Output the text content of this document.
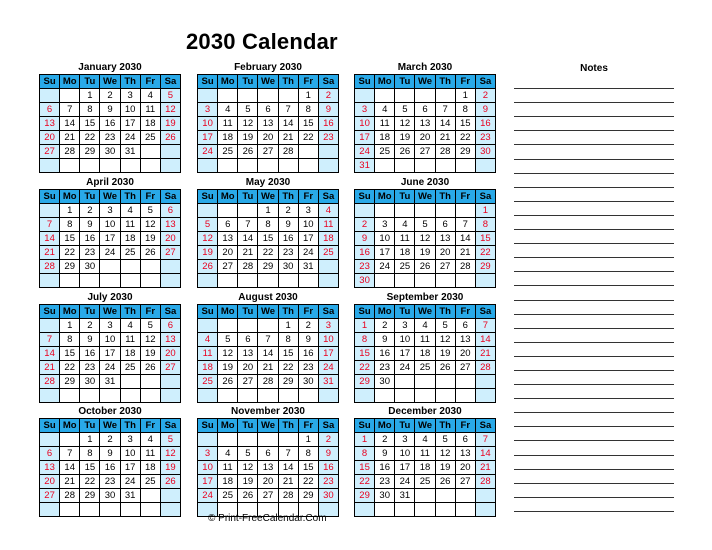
2030 Calendar
January 2030
Su	Mo	Tu	We	Th	Fr	Sa
		1	2	3	4	5
6	7	8	9	10	11	12
13	14	15	16	17	18	19
20	21	22	23	24	25	26
27	28	29	30	31		

February 2030
Su	Mo	Tu	We	Th	Fr	Sa
					1	2
3	4	5	6	7	8	9
10	11	12	13	14	15	16
17	18	19	20	21	22	23
24	25	26	27	28		

March 2030
Su	Mo	Tu	We	Th	Fr	Sa
					1	2
3	4	5	6	7	8	9
10	11	12	13	14	15	16
17	18	19	20	21	22	23
24	25	26	27	28	29	30
31						
April 2030
Su	Mo	Tu	We	Th	Fr	Sa
	1	2	3	4	5	6
7	8	9	10	11	12	13
14	15	16	17	18	19	20
21	22	23	24	25	26	27
28	29	30				

May 2030
Su	Mo	Tu	We	Th	Fr	Sa
			1	2	3	4
5	6	7	8	9	10	11
12	13	14	15	16	17	18
19	20	21	22	23	24	25
26	27	28	29	30	31	

June 2030
Su	Mo	Tu	We	Th	Fr	Sa
						1
2	3	4	5	6	7	8
9	10	11	12	13	14	15
16	17	18	19	20	21	22
23	24	25	26	27	28	29
30						
July 2030
Su	Mo	Tu	We	Th	Fr	Sa
	1	2	3	4	5	6
7	8	9	10	11	12	13
14	15	16	17	18	19	20
21	22	23	24	25	26	27
28	29	30	31			

August 2030
Su	Mo	Tu	We	Th	Fr	Sa
				1	2	3
4	5	6	7	8	9	10
11	12	13	14	15	16	17
18	19	20	21	22	23	24
25	26	27	28	29	30	31

September 2030
Su	Mo	Tu	We	Th	Fr	Sa
1	2	3	4	5	6	7
8	9	10	11	12	13	14
15	16	17	18	19	20	21
22	23	24	25	26	27	28
29	30					

October 2030
Su	Mo	Tu	We	Th	Fr	Sa
		1	2	3	4	5
6	7	8	9	10	11	12
13	14	15	16	17	18	19
20	21	22	23	24	25	26
27	28	29	30	31		

November 2030
Su	Mo	Tu	We	Th	Fr	Sa
					1	2
3	4	5	6	7	8	9
10	11	12	13	14	15	16
17	18	19	20	21	22	23
24	25	26	27	28	29	30

December 2030
Su	Mo	Tu	We	Th	Fr	Sa
1	2	3	4	5	6	7
8	9	10	11	12	13	14
15	16	17	18	19	20	21
22	23	24	25	26	27	28
29	30	31				

Notes
© Print-FreeCalendar.Com
